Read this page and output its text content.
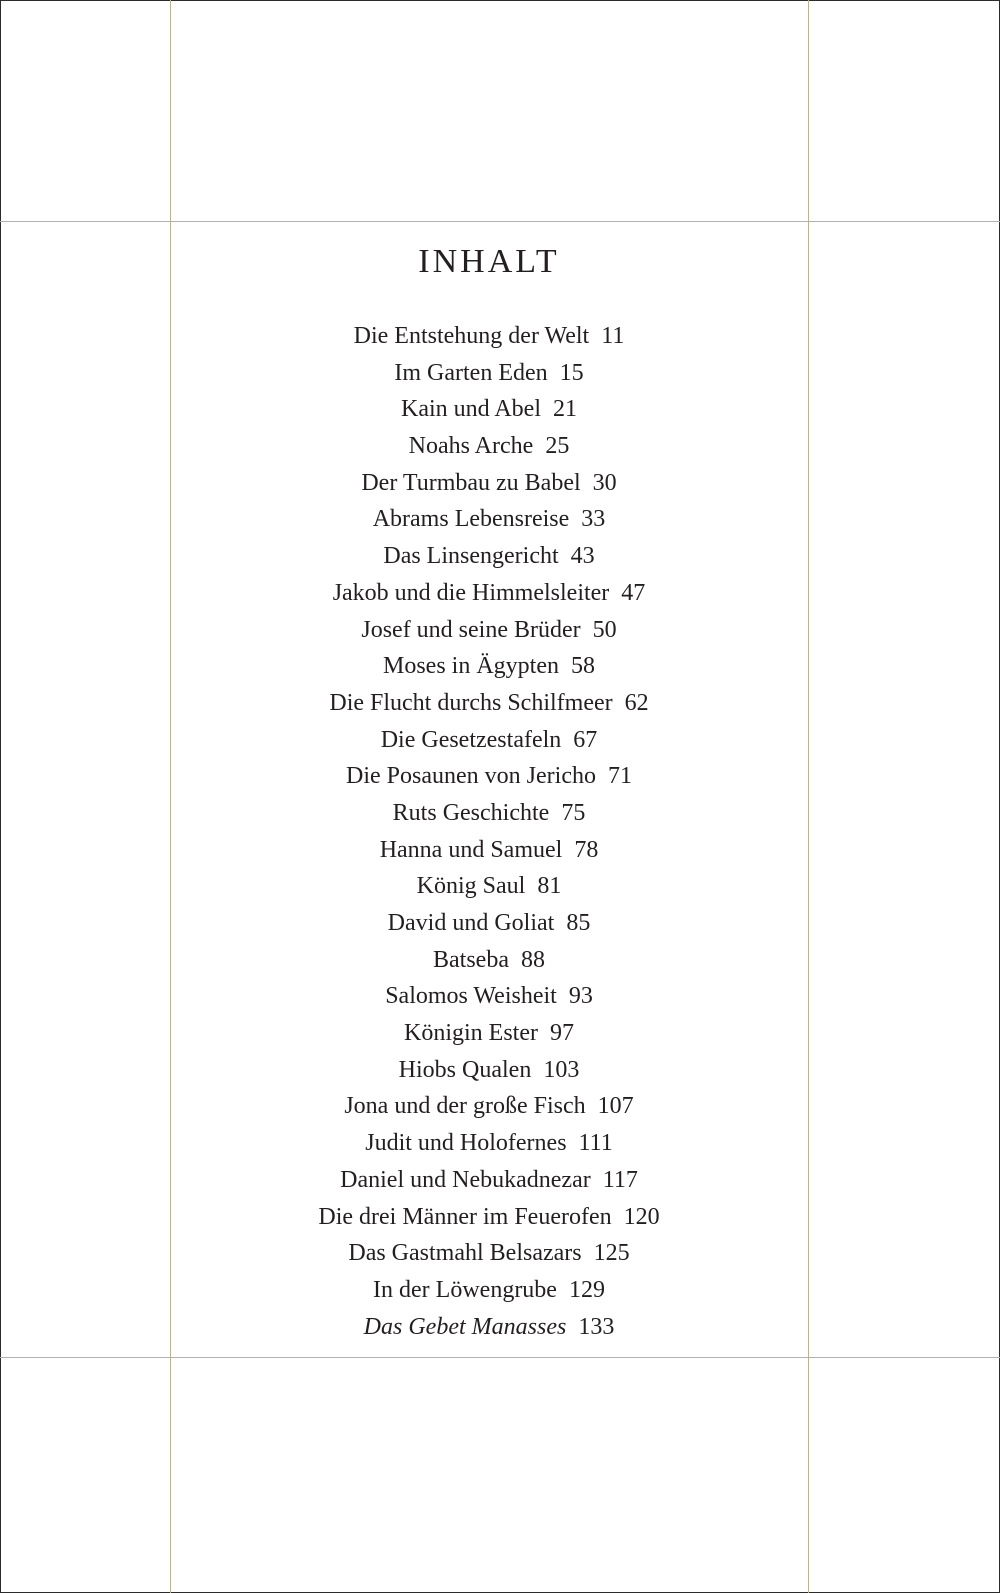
INHALT
Die Entstehung der Welt 11
Im Garten Eden 15
Kain und Abel 21
Noahs Arche 25
Der Turmbau zu Babel 30
Abrams Lebensreise 33
Das Linsengericht 43
Jakob und die Himmelsleiter 47
Josef und seine Brüder 50
Moses in Ägypten 58
Die Flucht durchs Schilfmeer 62
Die Gesetzestafeln 67
Die Posaunen von Jericho 71
Ruts Geschichte 75
Hanna und Samuel 78
König Saul 81
David und Goliat 85
Batseba 88
Salomos Weisheit 93
Königin Ester 97
Hiobs Qualen 103
Jona und der große Fisch 107
Judit und Holofernes 111
Daniel und Nebukadnezar 117
Die drei Männer im Feuerofen 120
Das Gastmahl Belsazars 125
In der Löwengrube 129
Das Gebet Manasses 133
